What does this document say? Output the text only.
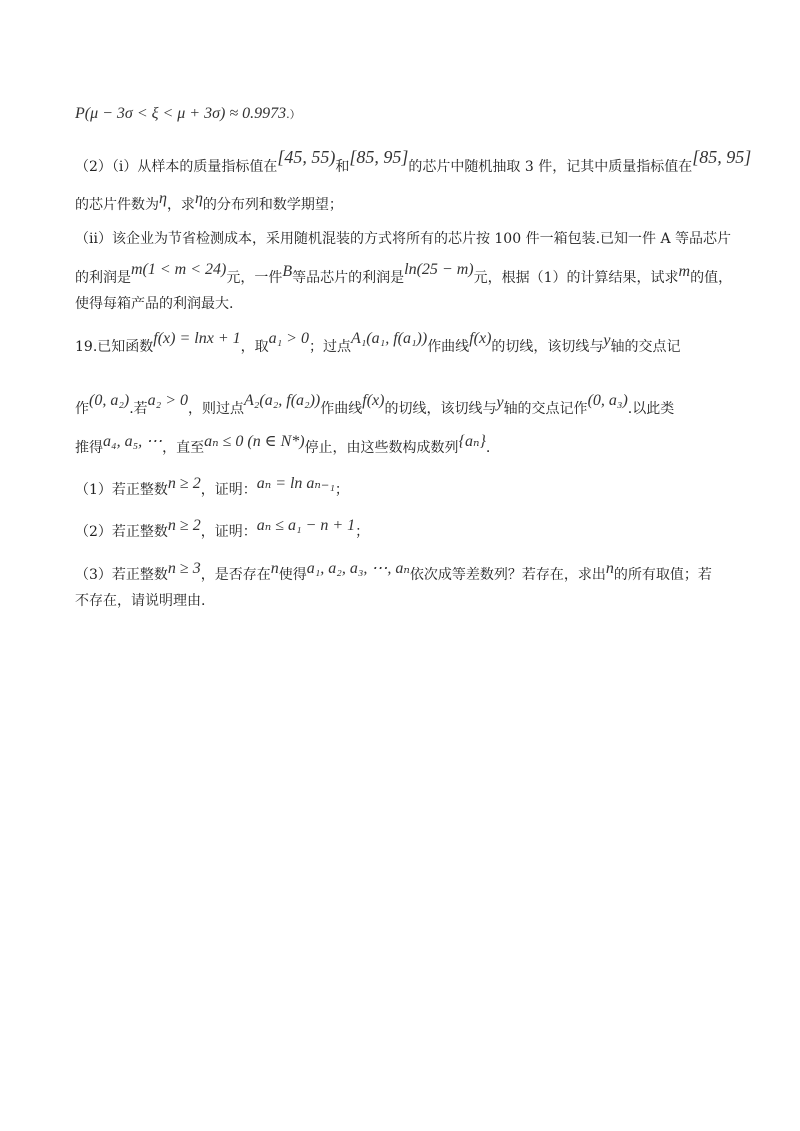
P(μ − 3σ < ξ < μ + 3σ) ≈ 0.9973.）
（2）（i）从样本的质量指标值在[45, 55)和[85, 95]的芯片中随机抽取 3 件，记其中质量指标值在[85, 95]
的芯片件数为η，求η的分布列和数学期望；
（ii）该企业为节省检测成本，采用随机混装的方式将所有的芯片按 100 件一箱包装.已知一件 A 等品芯片
的利润是m(1 < m < 24)元，一件B等品芯片的利润是ln(25 − m)元，根据（1）的计算结果，试求m的值，
使得每箱产品的利润最大.
19.已知函数f(x) = lnx + 1，取a₁ > 0；过点A₁(a₁, f(a₁))作曲线f(x)的切线，该切线与y轴的交点记
作(0, a₂).若a₂ > 0，则过点A₂(a₂, f(a₂))作曲线f(x)的切线，该切线与y轴的交点记作(0, a₃).以此类
推得a₄, a₅, ⋯，直至aₙ ≤ 0 (n ∈ N*)停止，由这些数构成数列{aₙ}.
（1）若正整数n ≥ 2，证明：aₙ = ln aₙ₋₁；
（2）若正整数n ≥ 2，证明：aₙ ≤ a₁ − n + 1；
（3）若正整数n ≥ 3，是否存在n使得a₁, a₂, a₃, ⋯, aₙ依次成等差数列？若存在，求出n的所有取值；若
不存在，请说明理由.
